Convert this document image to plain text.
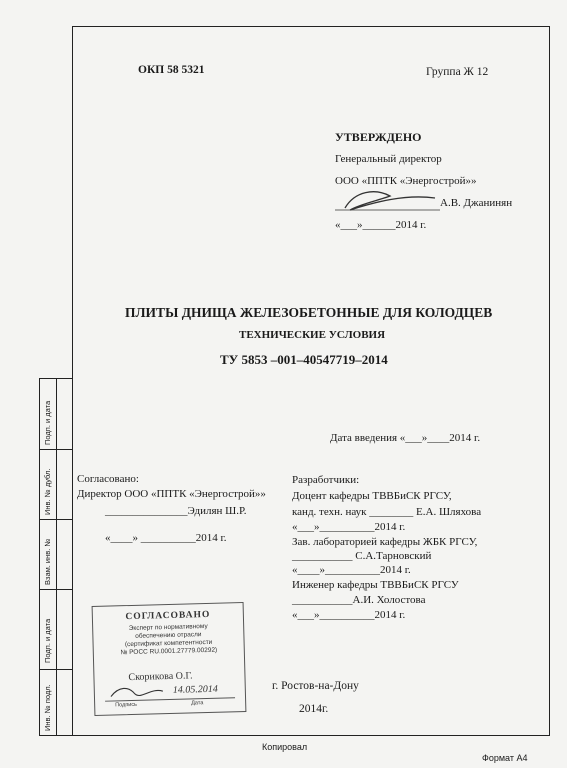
Инв. № подл.
Подп. и дата
Взам. инв. №
Инв. № дубл.
Подп. и дата
ОКП 58 5321	Группа Ж 12
УТВЕРЖДЕНО
Генеральный директор
ООО «ППТК «Энергострой»»
А.В. Джанинян
«___»______2014 г.
ПЛИТЫ ДНИЩА ЖЕЛЕЗОБЕТОННЫЕ ДЛЯ КОЛОДЦЕВ
ТЕХНИЧЕСКИЕ УСЛОВИЯ
ТУ 5853 –001–40547719–2014
Дата введения «___»____2014 г.
Согласовано:
Директор ООО «ППТК «Энергострой»»
_______________Эдилян Ш.Р.
«____» __________2014 г.
Разработчики:
Доцент кафедры ТВВБиСК РГСУ,
канд. техн. наук ________ Е.А. Шляхова
«___»__________2014 г.
Зав. лабораторией кафедры ЖБК РГСУ,
___________ С.А.Тарновский
«____»__________2014 г.
Инженер кафедры ТВВБиСК РГСУ
___________А.И. Холостова
«___»__________2014 г.
СОГЛАСОВАНО
Эксперт по нормативному
обеспечению отрасли
(сертификат компетентности
№ РОСС RU.0001.27779.00292)
Скорикова О.Г.
14.05.2014
Подпись	Дата
г. Ростов-на-Дону
2014г.
Копировал
Формат А4
